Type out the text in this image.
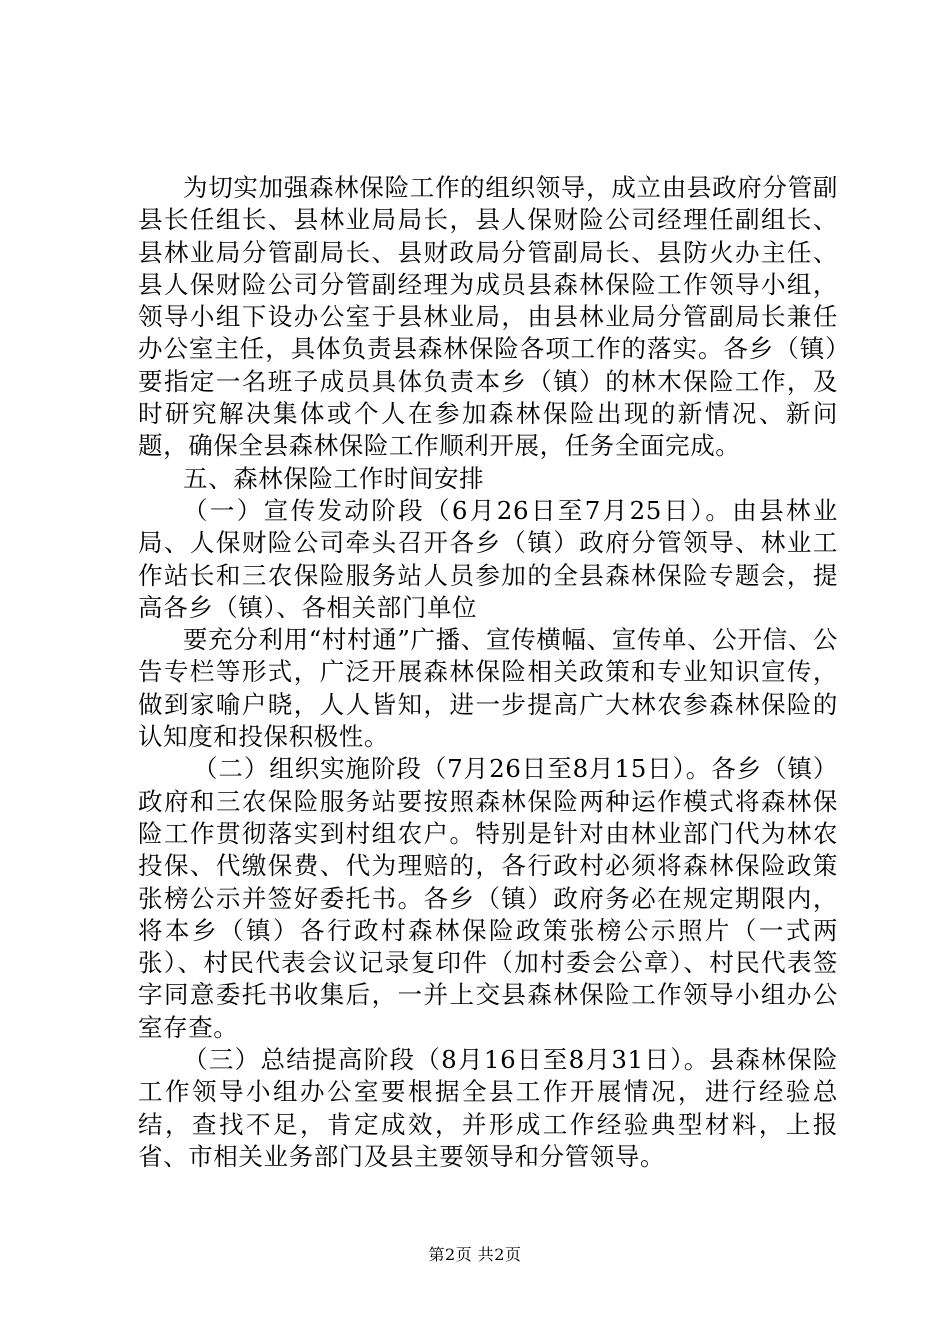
为切实加强森林保险工作的组织领导，成立由县政府分管副县长任组长、县林业局局长，县人保财险公司经理任副组长、县林业局分管副局长、县财政局分管副局长、县防火办主任、县人保财险公司分管副经理为成员县森林保险工作领导小组，领导小组下设办公室于县林业局，由县林业局分管副局长兼任办公室主任，具体负责县森林保险各项工作的落实。各乡（镇）要指定一名班子成员具体负责本乡（镇）的林木保险工作，及时研究解决集体或个人在参加森林保险出现的新情况、新问题，确保全县森林保险工作顺利开展，任务全面完成。

五、森林保险工作时间安排

（一）宣传发动阶段（6月26日至7月25日）。由县林业局、人保财险公司牵头召开各乡（镇）政府分管领导、林业工作站长和三农保险服务站人员参加的全县森林保险专题会，提高各乡（镇）、各相关部门单位

要充分利用“村村通”广播、宣传横幅、宣传单、公开信、公告专栏等形式，广泛开展森林保险相关政策和专业知识宣传，做到家喻户晓，人人皆知，进一步提高广大林农参森林保险的认知度和投保积极性。

（二）组织实施阶段（7月26日至8月15日）。各乡（镇）政府和三农保险服务站要按照森林保险两种运作模式将森林保险工作贯彻落实到村组农户。特别是针对由林业部门代为林农投保、代缴保费、代为理赔的，各行政村必须将森林保险政策张榜公示并签好委托书。各乡（镇）政府务必在规定期限内，将本乡（镇）各行政村森林保险政策张榜公示照片（一式两张）、村民代表会议记录复印件（加村委会公章）、村民代表签字同意委托书收集后，一并上交县森林保险工作领导小组办公室存查。

（三）总结提高阶段（8月16日至8月31日）。县森林保险工作领导小组办公室要根据全县工作开展情况，进行经验总结，查找不足，肯定成效，并形成工作经验典型材料，上报省、市相关业务部门及县主要领导和分管领导。

第2页 共2页
